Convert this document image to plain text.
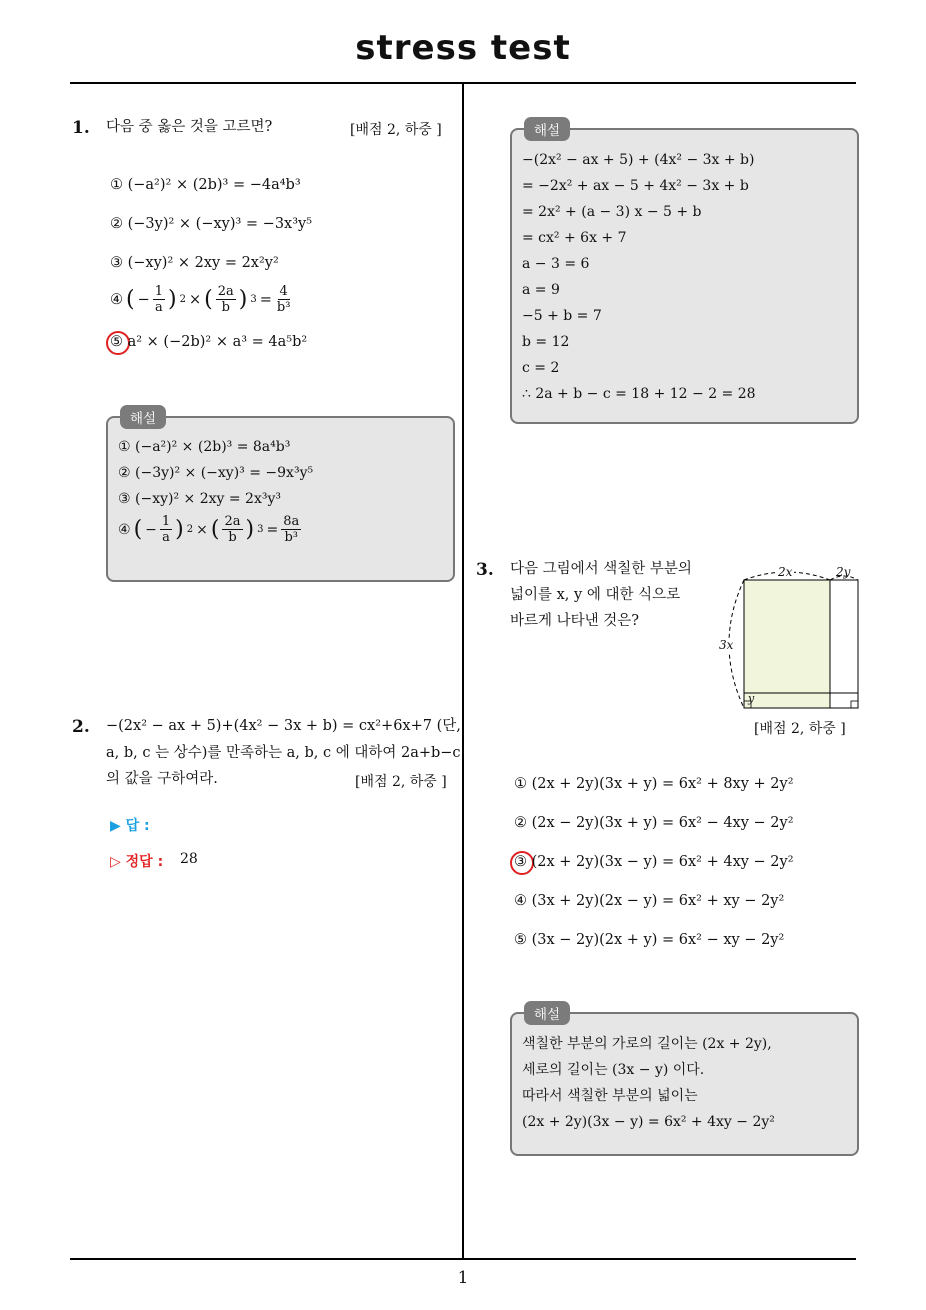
stress test
1
1. 다음 중 옳은 것을 고르면?	[배점 2, 하중 ]
① (−a²)² × (2b)³ = −4a⁴b³
② (−3y)² × (−xy)³ = −3x³y⁵
③ (−xy)² × 2xy = 2x²y²
④ ( − $\frac{1}{a}$ ) 2 × ( $\frac{2a}{b}$ ) $3 = \frac{4}{\text{b³}}$
⑤ a² × (−2b)² × a³ = 4a⁵b²
해설
① (−a²)² × (2b)³ = 8a⁴b³
② (−3y)² × (−xy)³ = −9x³y⁵
③ (−xy)² × 2xy = 2x³y³
④ ( − $\frac{1}{a}$ ) 2 × ( $\frac{2a}{b}$ ) $3 = \frac{8a}{\text{b³}}$
2. −(2x² − ax + 5)+(4x² − 3x + b) = cx²+6x+7 (단,
a, b, c 는 상수)를 만족하는 a, b, c 에 대하여 2a+b−c
의 값을 구하여라.	[배점 2, 하중 ]
▶ 답 :
▷ 정답 : 28
해설
−(2x² − ax + 5) + (4x² − 3x + b)
= −2x² + ax − 5 + 4x² − 3x + b
= 2x² + (a − 3) x − 5 + b
= cx² + 6x + 7
a − 3 = 6
a = 9
−5 + b = 7
b = 12
c = 2
∴ 2a + b − c = 18 + 12 − 2 = 28
3. 다음 그림에서 색칠한 부분의
넓이를 x, y 에 대한 식으로
바르게 나타낸 것은?
2x	2y
3x
y
[배점 2, 하중 ]
① (2x + 2y)(3x + y) = 6x² + 8xy + 2y²
② (2x − 2y)(3x + y) = 6x² − 4xy − 2y²
③ (2x + 2y)(3x − y) = 6x² + 4xy − 2y²
④ (3x + 2y)(2x − y) = 6x² + xy − 2y²
⑤ (3x − 2y)(2x + y) = 6x² − xy − 2y²
해설
색칠한 부분의 가로의 길이는 (2x + 2y),
세로의 길이는 (3x − y) 이다.
따라서 색칠한 부분의 넓이는
(2x + 2y)(3x − y) = 6x² + 4xy − 2y²
